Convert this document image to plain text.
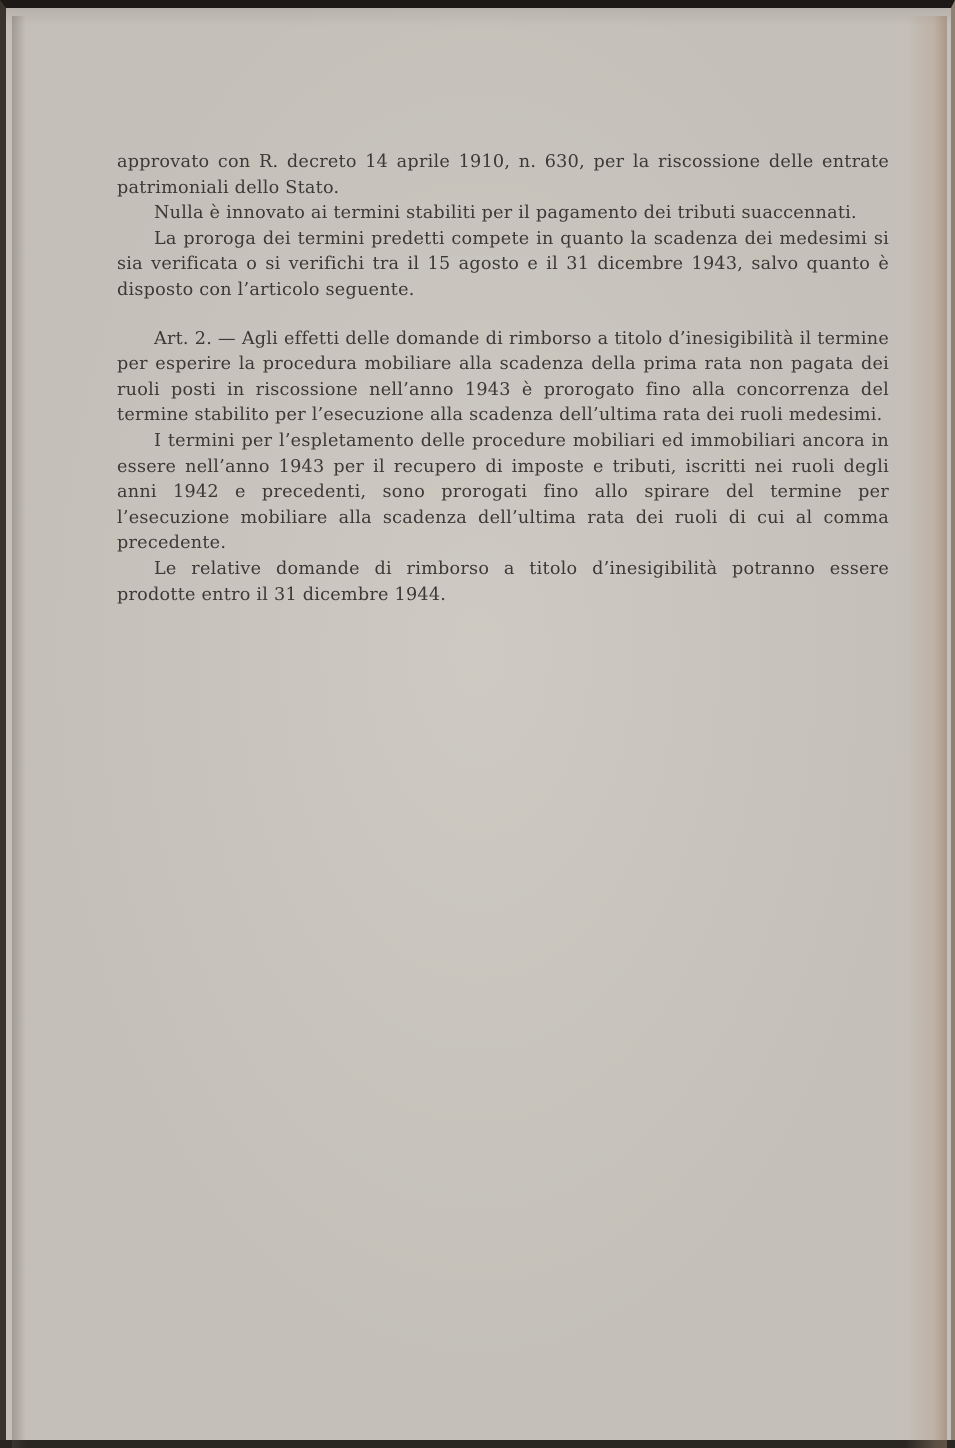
approvato con R. decreto 14 aprile 1910, n. 630, per la riscossione delle entrate patrimoniali dello Stato.

Nulla è innovato ai termini stabiliti per il pagamento dei tributi suaccennati.

La proroga dei termini predetti compete in quanto la scadenza dei medesimi si sia verificata o si verifichi tra il 15 agosto e il 31 dicembre 1943, salvo quanto è disposto con l’articolo seguente.

Art. 2. — Agli effetti delle domande di rimborso a titolo d’inesigibilità il termine per esperire la procedura mobiliare alla scadenza della prima rata non pagata dei ruoli posti in riscossione nell’anno 1943 è prorogato fino alla concorrenza del termine stabilito per l’esecuzione alla scadenza dell’ultima rata dei ruoli medesimi.

I termini per l’espletamento delle procedure mobiliari ed immobiliari ancora in essere nell’anno 1943 per il recupero di imposte e tributi, iscritti nei ruoli degli anni 1942 e precedenti, sono prorogati fino allo spirare del termine per l’esecuzione mobiliare alla scadenza dell’ultima rata dei ruoli di cui al comma precedente.

Le relative domande di rimborso a titolo d’inesigibilità potranno essere prodotte entro il 31 dicembre 1944.
